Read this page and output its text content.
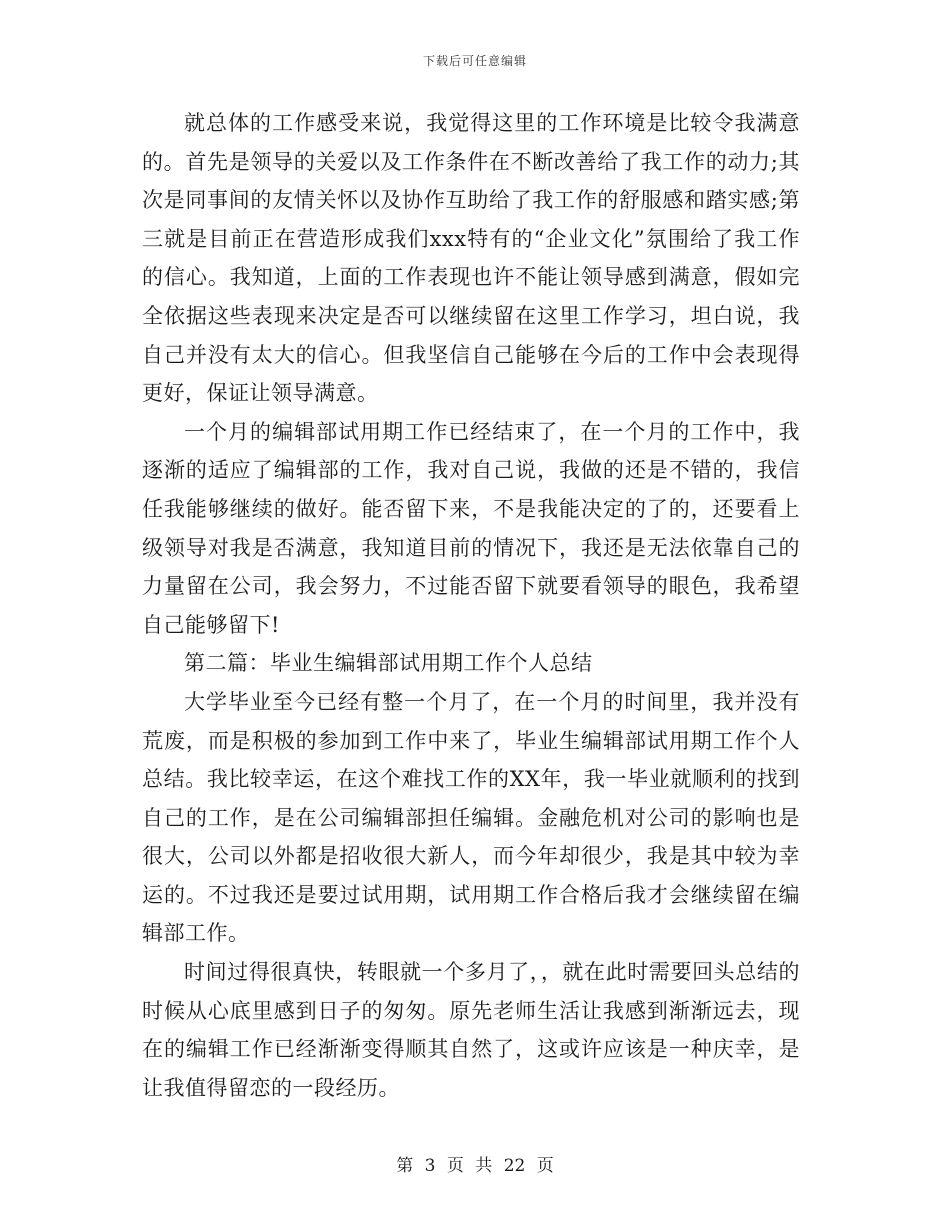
下载后可任意编辑

就总体的工作感受来说，我觉得这里的工作环境是比较令我满意的。首先是领导的关爱以及工作条件在不断改善给了我工作的动力;其次是同事间的友情关怀以及协作互助给了我工作的舒服感和踏实感;第三就是目前正在营造形成我们xxx特有的“企业文化”氛围给了我工作的信心。我知道，上面的工作表现也许不能让领导感到满意，假如完全依据这些表现来决定是否可以继续留在这里工作学习，坦白说，我自己并没有太大的信心。但我坚信自己能够在今后的工作中会表现得更好，保证让领导满意。

一个月的编辑部试用期工作已经结束了，在一个月的工作中，我逐渐的适应了编辑部的工作，我对自己说，我做的还是不错的，我信任我能够继续的做好。能否留下来，不是我能决定的了的，还要看上级领导对我是否满意，我知道目前的情况下，我还是无法依靠自己的力量留在公司，我会努力，不过能否留下就要看领导的眼色，我希望自己能够留下!

第二篇：毕业生编辑部试用期工作个人总结

大学毕业至今已经有整一个月了，在一个月的时间里，我并没有荒废，而是积极的参加到工作中来了，毕业生编辑部试用期工作个人总结。我比较幸运，在这个难找工作的XX年，我一毕业就顺利的找到自己的工作，是在公司编辑部担任编辑。金融危机对公司的影响也是很大，公司以外都是招收很大新人，而今年却很少，我是其中较为幸运的。不过我还是要过试用期，试用期工作合格后我才会继续留在编辑部工作。

时间过得很真快，转眼就一个多月了，，就在此时需要回头总结的时候从心底里感到日子的匆匆。原先老师生活让我感到渐渐远去，现在的编辑工作已经渐渐变得顺其自然了，这或许应该是一种庆幸，是让我值得留恋的一段经历。

第 3 页 共 22 页
